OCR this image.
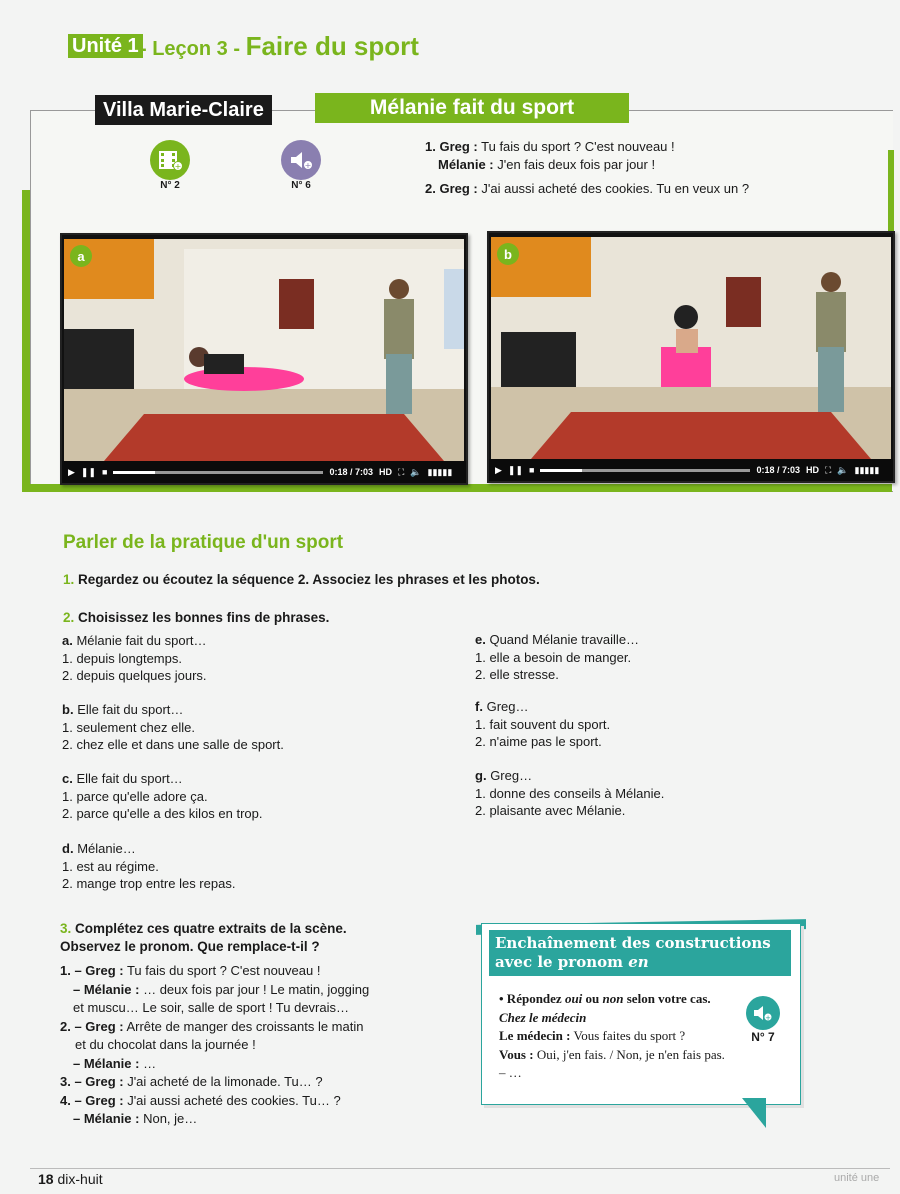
Unité 1 - Leçon 3 - Faire du sport
Villa Marie-Claire	Mélanie fait du sport
+
N° 2
+
N° 6
1. Greg : Tu fais du sport ? C'est nouveau !
Mélanie : J'en fais deux fois par jour !
2. Greg : J'ai aussi acheté des cookies. Tu en veux un ?
a
▶ ❚❚ ■	0:18 / 7:03 HD ⛶ 🔈 ▮▮▮▮▮
b
▶ ❚❚ ■	0:18 / 7:03 HD ⛶ 🔈 ▮▮▮▮▮
Parler de la pratique d'un sport
1. Regardez ou écoutez la séquence 2. Associez les phrases et les photos.
2. Choisissez les bonnes fins de phrases.
a. Mélanie fait du sport…
1. depuis longtemps.
2. depuis quelques jours.
b. Elle fait du sport…
1. seulement chez elle.
2. chez elle et dans une salle de sport.
c. Elle fait du sport…
1. parce qu'elle adore ça.
2. parce qu'elle a des kilos en trop.
d. Mélanie…
1. est au régime.
2. mange trop entre les repas.
e. Quand Mélanie travaille…
1. elle a besoin de manger.
2. elle stresse.
f. Greg…
1. fait souvent du sport.
2. n'aime pas le sport.
g. Greg…
1. donne des conseils à Mélanie.
2. plaisante avec Mélanie.
3. Complétez ces quatre extraits de la scène.
Observez le pronom. Que remplace-t-il ?
1. – Greg : Tu fais du sport ? C'est nouveau !
– Mélanie : … deux fois par jour ! Le matin, jogging
et muscu… Le soir, salle de sport ! Tu devrais…
2. – Greg : Arrête de manger des croissants le matin
et du chocolat dans la journée !
– Mélanie : …
3. – Greg : J'ai acheté de la limonade. Tu… ?
4. – Greg : J'ai aussi acheté des cookies. Tu… ?
– Mélanie : Non, je…
Enchaînement des constructions
avec le pronom en
• Répondez oui ou non selon votre cas.
Chez le médecin
Le médecin : Vous faites du sport ?
Vous : Oui, j'en fais. / Non, je n'en fais pas.
– …
+
N° 7
18 dix-huit	unité une
